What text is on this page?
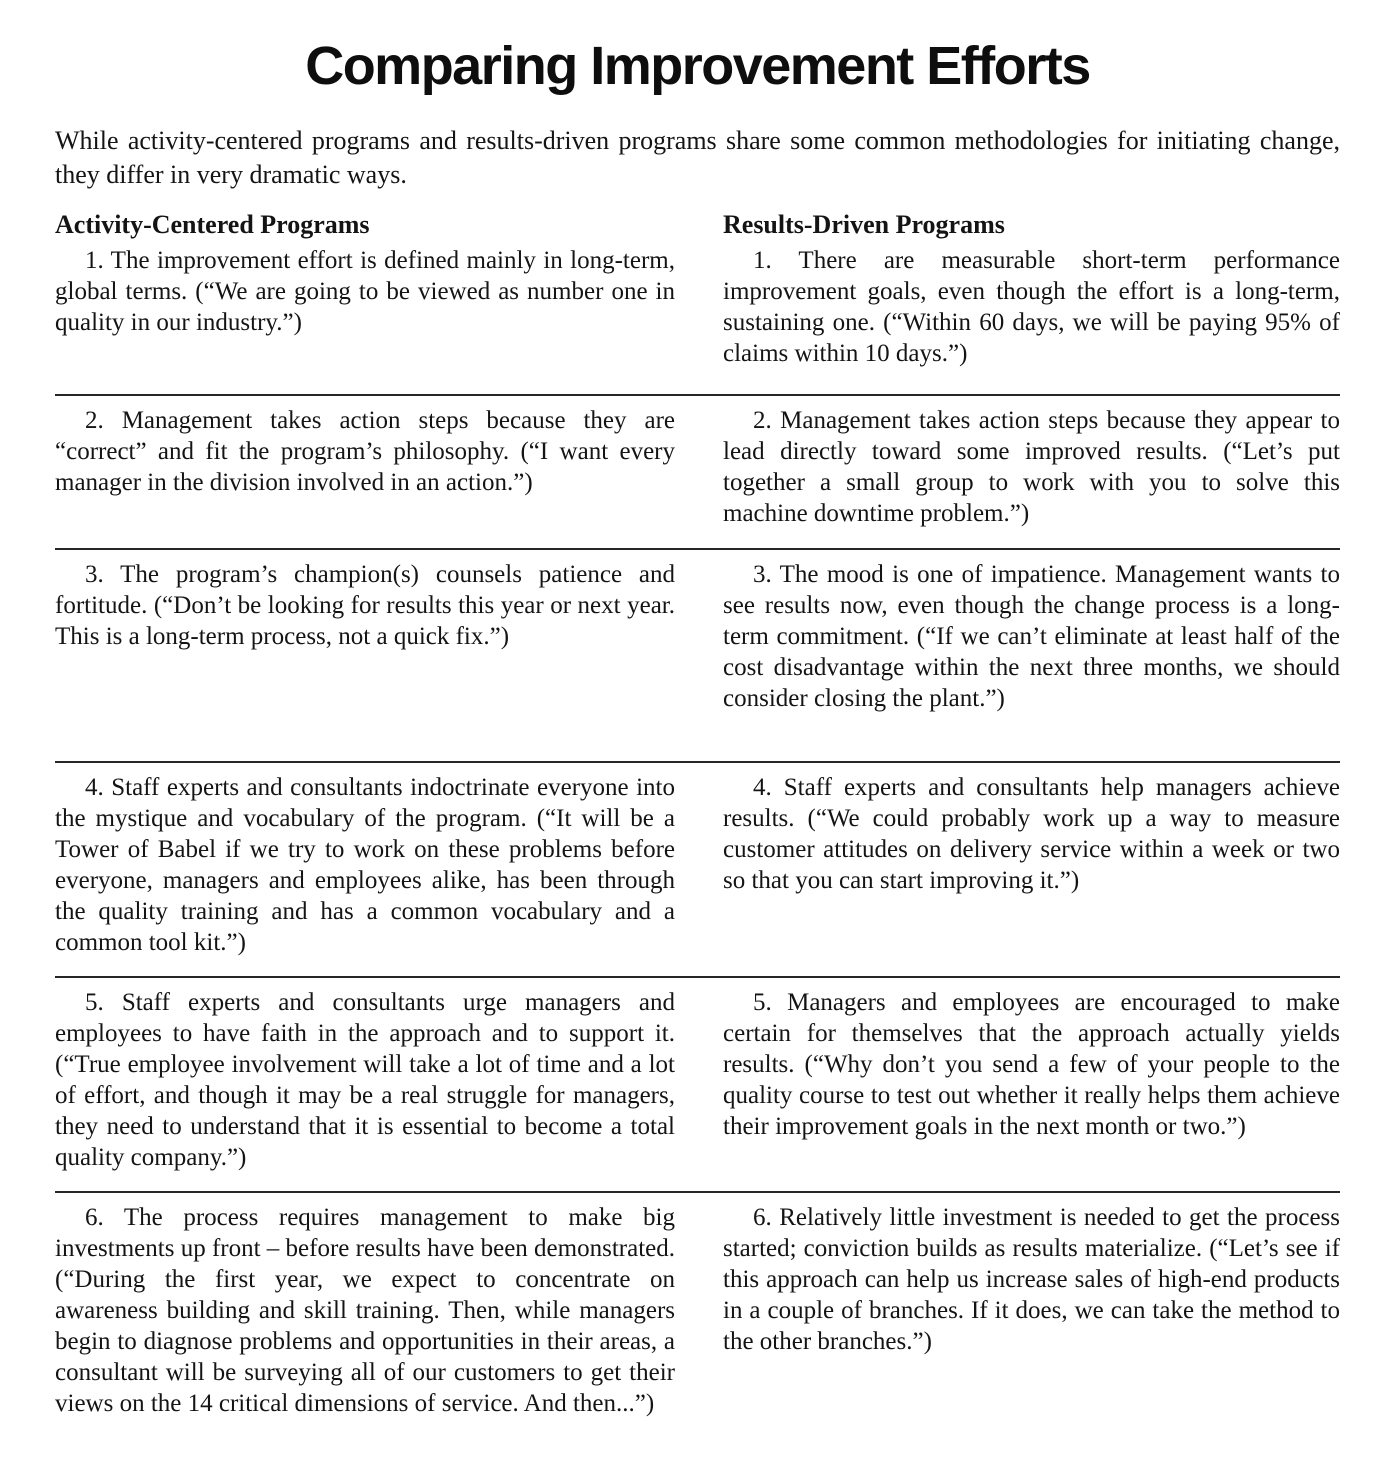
Comparing Improvement Efforts

While activity-centered programs and results-driven programs share some common methodologies for initiating change, they differ in very dramatic ways.

Activity-Centered Programs	Results-Driven Programs

1. The improvement effort is defined mainly in long-term, global terms. (“We are going to be viewed as number one in quality in our industry.”)

1. There are measurable short-term performance improvement goals, even though the effort is a long-term, sustaining one. (“Within 60 days, we will be paying 95% of claims within 10 days.”)

2. Management takes action steps because they are “correct” and fit the program’s philosophy. (“I want every manager in the division involved in an action.”)

2. Management takes action steps because they appear to lead directly toward some improved results. (“Let’s put together a small group to work with you to solve this machine downtime problem.”)

3. The program’s champion(s) counsels patience and fortitude. (“Don’t be looking for results this year or next year. This is a long-term process, not a quick fix.”)

3. The mood is one of impatience. Management wants to see results now, even though the change process is a long-term commitment. (“If we can’t eliminate at least half of the cost disadvantage within the next three months, we should consider closing the plant.”)

4. Staff experts and consultants indoctrinate everyone into the mystique and vocabulary of the program. (“It will be a Tower of Babel if we try to work on these problems before everyone, managers and employees alike, has been through the quality training and has a common vocabulary and a common tool kit.”)

4. Staff experts and consultants help managers achieve results. (“We could probably work up a way to measure customer attitudes on delivery service within a week or two so that you can start improving it.”)

5. Staff experts and consultants urge managers and employees to have faith in the approach and to support it. (“True employee involvement will take a lot of time and a lot of effort, and though it may be a real struggle for managers, they need to understand that it is essential to become a total quality company.”)

5. Managers and employees are encouraged to make certain for themselves that the approach actually yields results. (“Why don’t you send a few of your people to the quality course to test out whether it really helps them achieve their improvement goals in the next month or two.”)

6. The process requires management to make big investments up front – before results have been demonstrated. (“During the first year, we expect to concentrate on awareness building and skill training. Then, while managers begin to diagnose problems and opportunities in their areas, a consultant will be surveying all of our customers to get their views on the 14 critical dimensions of service. And then...”)

6. Relatively little investment is needed to get the process started; conviction builds as results materialize. (“Let’s see if this approach can help us increase sales of high-end products in a couple of branches. If it does, we can take the method to the other branches.”)
